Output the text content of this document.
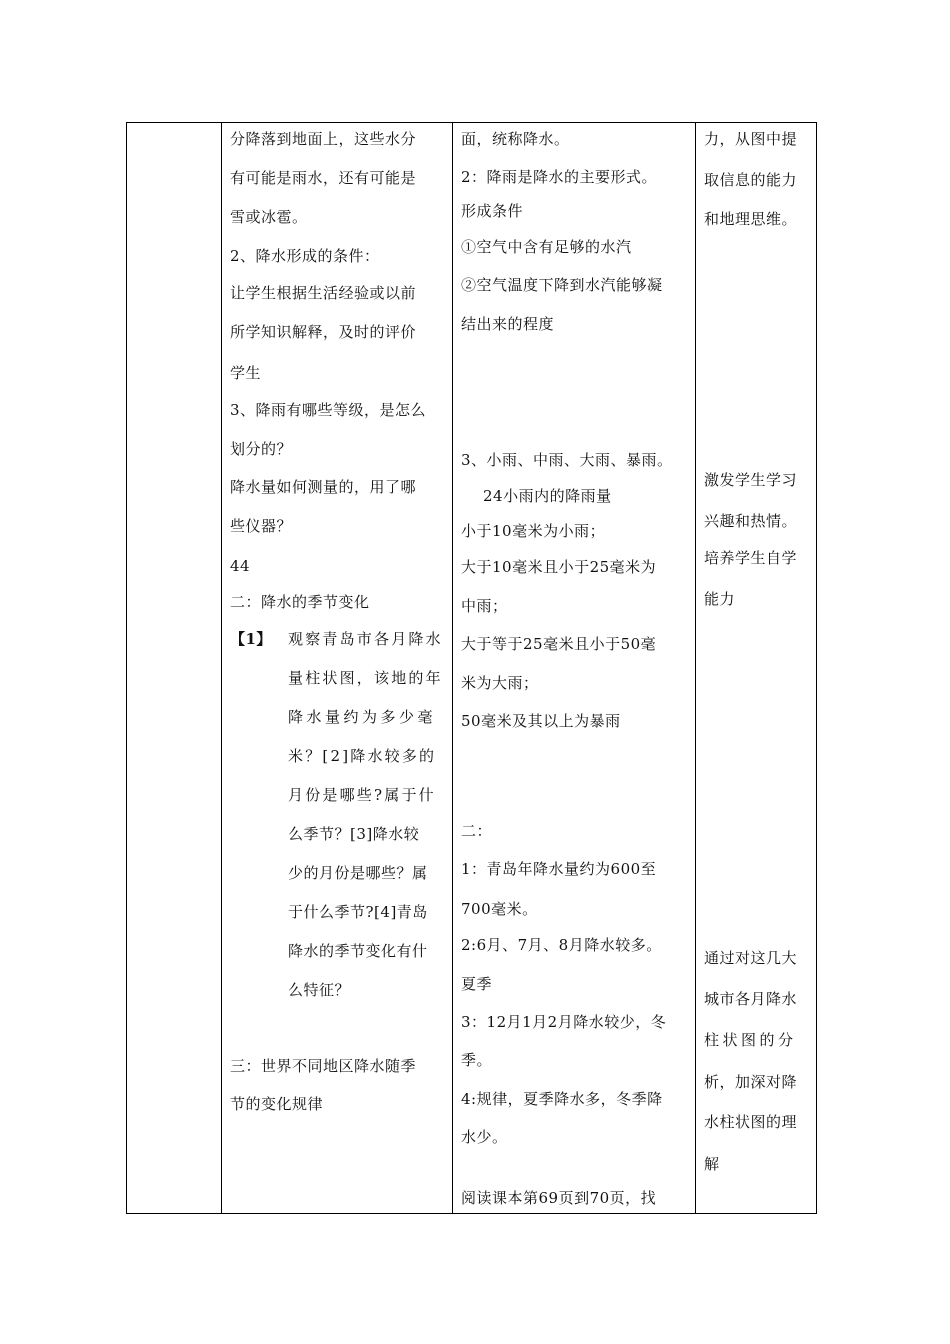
分降落到地面上，这些水分
有可能是雨水，还有可能是
雪或冰雹。
2、降水形成的条件：
让学生根据生活经验或以前
所学知识解释，及时的评价
学生
3、降雨有哪些等级，是怎么
划分的？
降水量如何测量的，用了哪
些仪器？
44
二：降水的季节变化
【1】 观察青岛市各月降水
量柱状图，该地的年
降水量约为多少毫
米？[2]降水较多的
月份是哪些?属于什
么季节？[3]降水较
少的月份是哪些？属
于什么季节?[4]青岛
降水的季节变化有什
么特征？
三：世界不同地区降水随季
节的变化规律

面，统称降水。
2：降雨是降水的主要形式。
形成条件
①空气中含有足够的水汽
②空气温度下降到水汽能够凝
结出来的程度
3、小雨、中雨、大雨、暴雨。
24小雨内的降雨量
小于10毫米为小雨；
大于10毫米且小于25毫米为
中雨；
大于等于25毫米且小于50毫
米为大雨；
50毫米及其以上为暴雨
二：
1：青岛年降水量约为600至
700毫米。
2:6月、7月、8月降水较多。
夏季
3：12月1月2月降水较少，冬
季。
4:规律，夏季降水多，冬季降
水少。
阅读课本第69页到70页，找

力，从图中提
取信息的能力
和地理思维。
激发学生学习
兴趣和热情。
培养学生自学
能力
通过对这几大
城市各月降水
柱状图的分
析，加深对降
水柱状图的理
解
